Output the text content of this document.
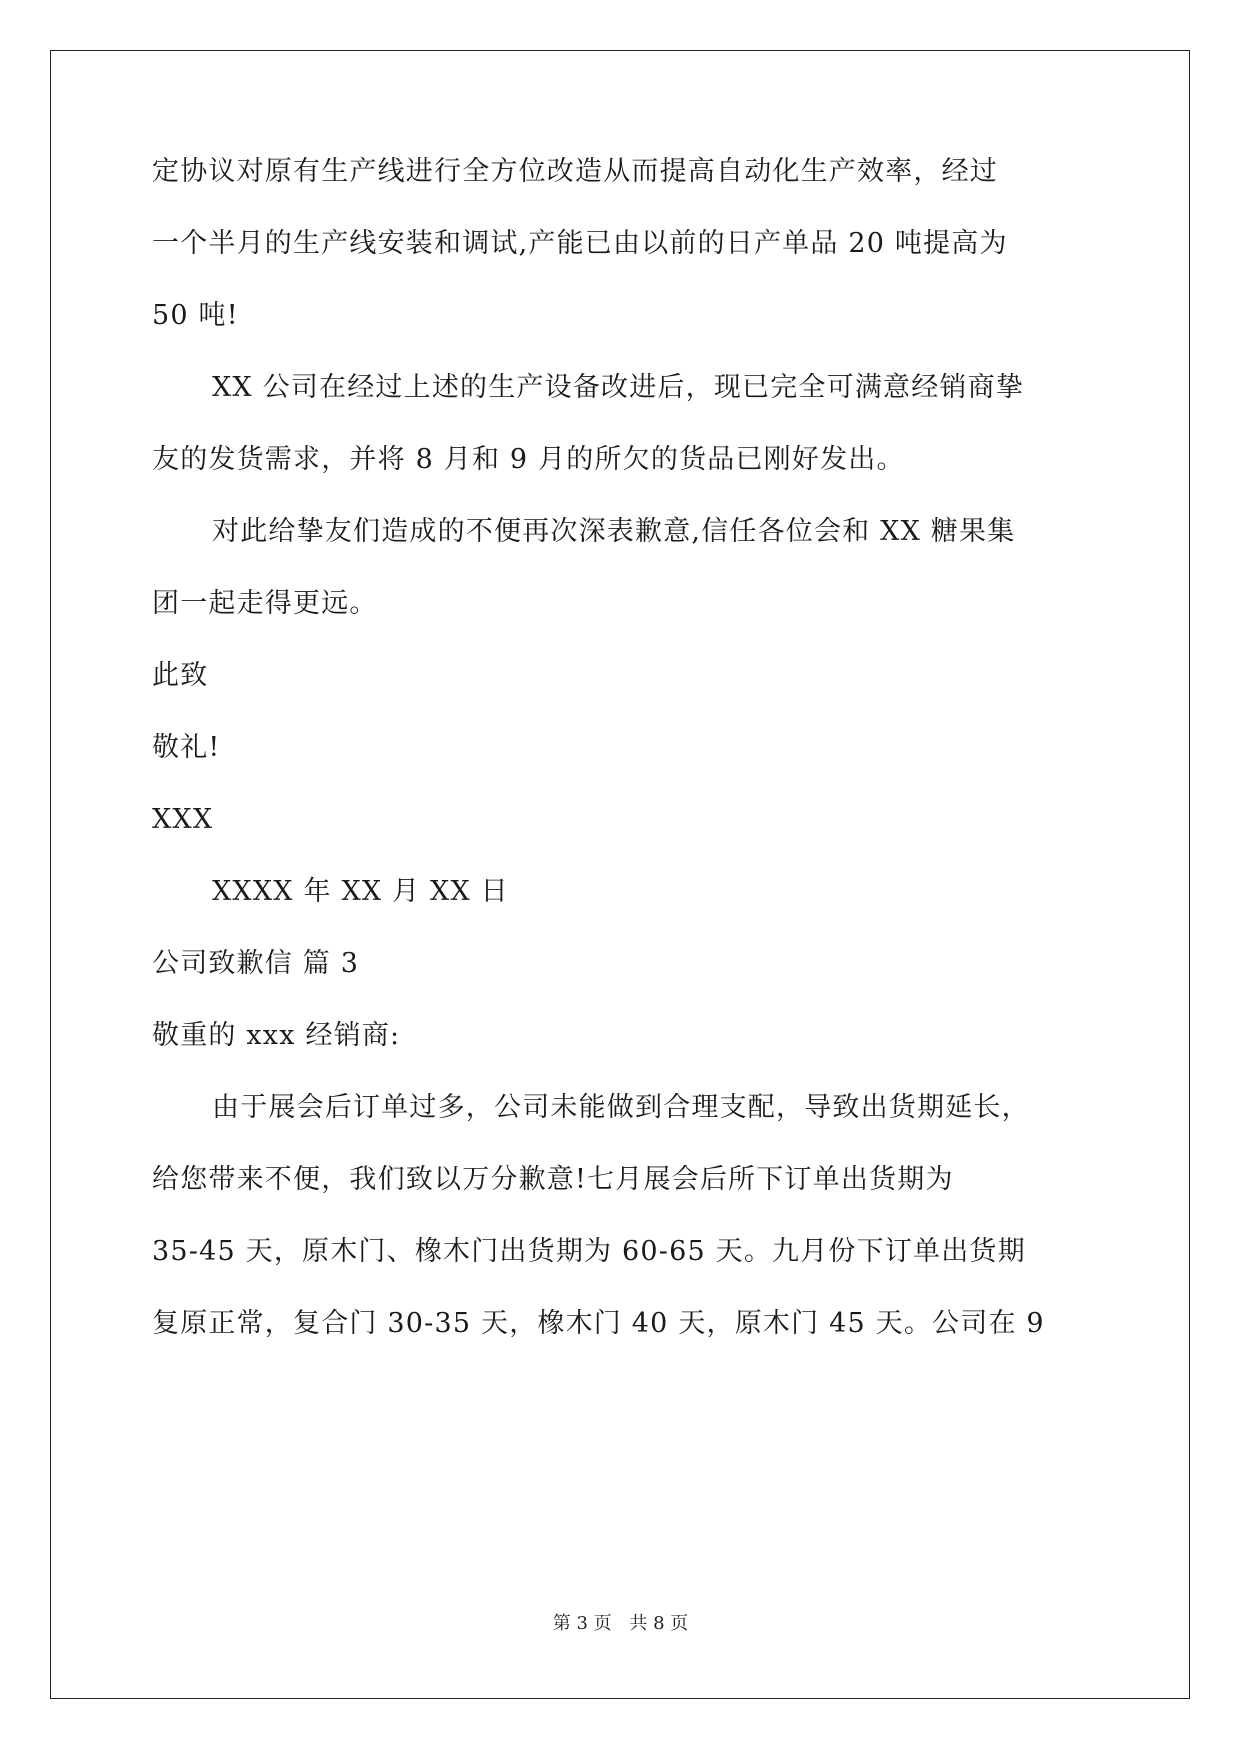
定协议对原有生产线进行全方位改造从而提高自动化生产效率，经过
一个半月的生产线安装和调试,产能已由以前的日产单品 20 吨提高为
50 吨!
XX 公司在经过上述的生产设备改进后，现已完全可满意经销商挚
友的发货需求，并将 8 月和 9 月的所欠的货品已刚好发出。
对此给挚友们造成的不便再次深表歉意,信任各位会和 XX 糖果集
团一起走得更远。
此致
敬礼!
XXX
XXXX 年 XX 月 XX 日
公司致歉信 篇 3
敬重的 xxx 经销商:
由于展会后订单过多，公司未能做到合理支配，导致出货期延长，
给您带来不便，我们致以万分歉意!七月展会后所下订单出货期为
35-45 天，原木门、橡木门出货期为 60-65 天。九月份下订单出货期
复原正常，复合门 30-35 天，橡木门 40 天，原木门 45 天。公司在 9
第 3 页 共 8 页
